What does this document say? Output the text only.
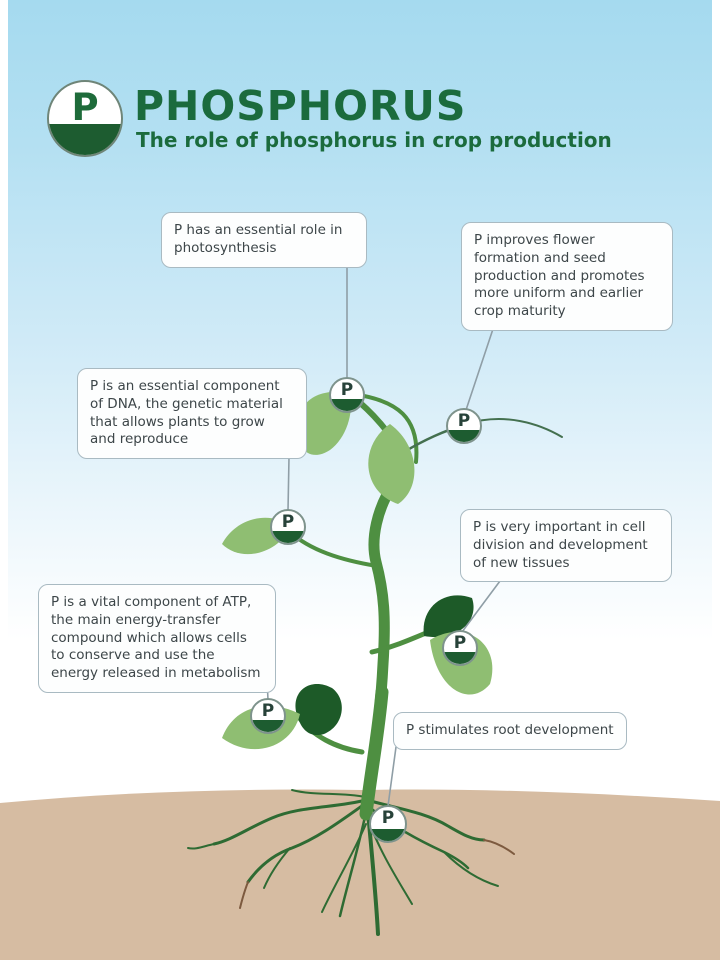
P PHOSPHORUS
The role of phosphorus in crop production
P has an essential role in photosynthesis	P improves flower formation and seed production and promotes more uniform and earlier crop maturity
P is an essential component of DNA, the genetic material that allows plants to grow and reproduce
P is very important in cell division and development of new tissues
P is a vital component of ATP, the main energy-transfer compound which allows cells to conserve and use the energy released in metabolism
P stimulates root development
P
P
P
P
P
P
